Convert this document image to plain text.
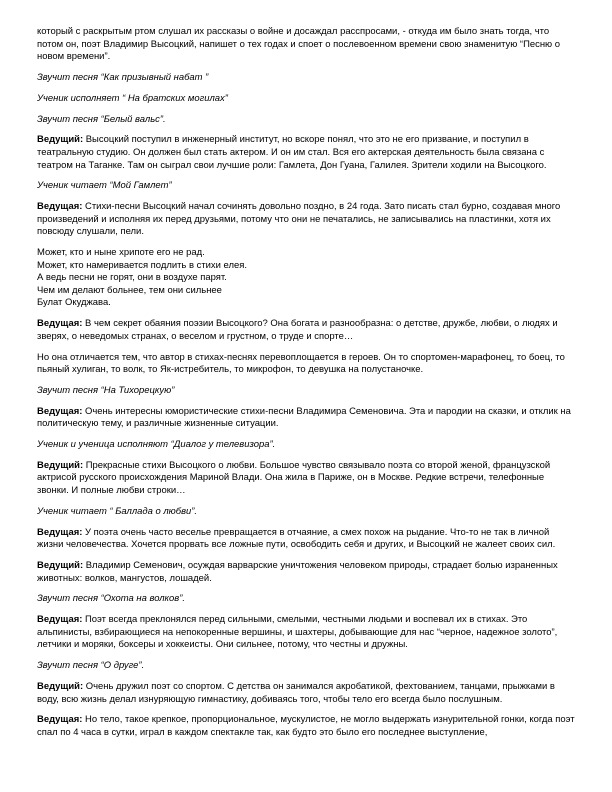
который с раскрытым ртом слушал их рассказы о войне и досаждал расспросами, - откуда им было знать тогда, что потом он, поэт Владимир Высоцкий, напишет о тех годах и споет о послевоенном времени свою знаменитую “Песню о новом времени”.
Звучит песня “Как призывный набат ”
Ученик исполняет “ На братских могилах”
Звучит песня “Белый вальс”.
Ведущий: Высоцкий поступил в инженерный институт, но вскоре понял, что это не его призвание, и поступил в театральную студию. Он должен был стать актером. И он им стал. Вся его актерская деятельность была связана с театром на Таганке. Там он сыграл свои лучшие роли: Гамлета, Дон Гуана, Галилея. Зрители ходили на Высоцкого.
Ученик читает “Мой Гамлет”
Ведущая: Стихи-песни Высоцкий начал сочинять довольно поздно, в 24 года. Зато писать стал бурно, создавая много произведений и исполняя их перед друзьями, потому что они не печатались, не записывались на пластинки, хотя их повсюду слушали, пели.
Может, кто и ныне хрипоте его не рад.
Может, кто намеривается подлить в стихи елея.
А ведь песни не горят, они в воздухе парят.
Чем им делают больнее, тем они сильнее
Булат Окуджава.
Ведущая: В чем секрет обаяния поэзии Высоцкого? Она богата и разнообразна: о детстве, дружбе, любви, о людях и зверях, о неведомых странах, о веселом и грустном, о труде и спорте…
Но она отличается тем, что автор в стихах-песнях перевоплощается в героев. Он то спортомен-марафонец, то боец, то пьяный хулиган, то волк, то Як-истребитель, то микрофон, то девушка на полустаночке.
Звучит песня “На Тихорецкую”
Ведущая: Очень интересны юмористические стихи-песни Владимира Семеновича. Эта и пародии на сказки, и отклик на политическую тему, и различные жизненные ситуации.
Ученик и ученица исполняют “Диалог у телевизора”.
Ведущий: Прекрасные стихи Высоцкого о любви. Большое чувство связывало поэта со второй женой, французской актрисой русского происхождения Мариной Влади. Она жила в Париже, он в Москве. Редкие встречи, телефонные звонки. И полные любви строки…
Ученик читает “ Баллада о любви”.
Ведущая: У поэта очень часто веселье превращается в отчаяние, а смех похож на рыдание. Что-то не так в личной жизни человечества. Хочется прорвать все ложные пути, освободить себя и других, и Высоцкий не жалеет своих сил.
Ведущий: Владимир Семенович, осуждая варварские уничтожения человеком природы, страдает болью израненных животных: волков, мангустов, лошадей.
Звучит песня “Охота на волков”.
Ведущая: Поэт всегда преклонялся перед сильными, смелыми, честными людьми и воспевал их в стихах. Это альпинисты, взбирающиеся на непокоренные вершины, и шахтеры, добывающие для нас “черное, надежное золото”, летчики и моряки, боксеры и хоккеисты. Они сильнее, потому, что честны и дружны.
Звучит песня “О друге”.
Ведущий: Очень дружил поэт со спортом. С детства он занимался акробатикой, фехтованием, танцами, прыжками в воду, всю жизнь делал изнуряющую гимнастику, добиваясь того, чтобы тело его всегда было послушным.
Ведущая: Но тело, такое крепкое, пропорциональное, мускулистое, не могло выдержать изнурительной гонки, когда поэт спал по 4 часа в сутки, играл в каждом спектакле так, как будто это было его последнее выступление,
